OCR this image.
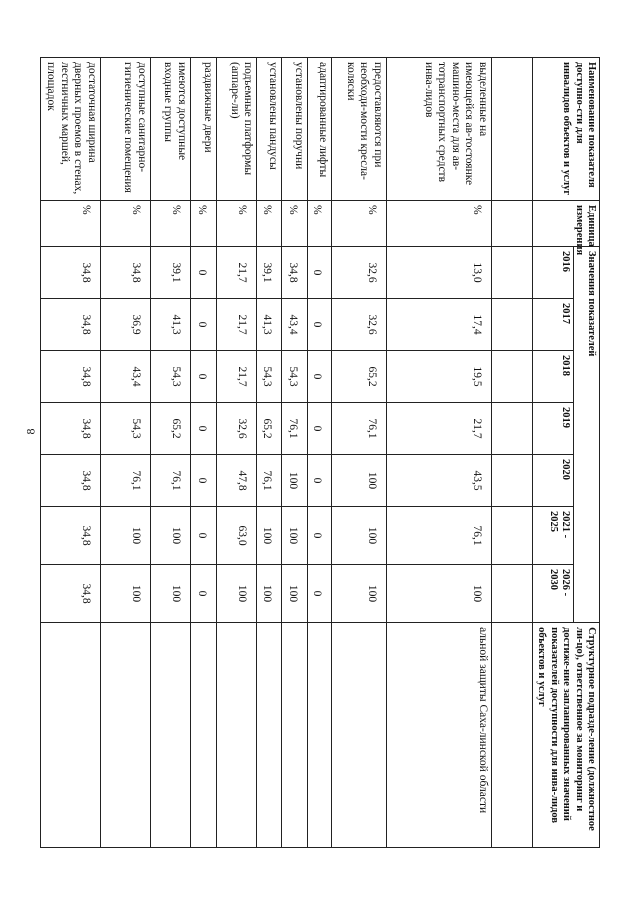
8
Наименование показателя доступно-сти для инвалидов объектов и услуг	Единица измерения	Значения показателей							Структурное подразде-ление (должностное ли-цо), ответственное за мониторинг и достиже-ние запланированных значений показателей доступности для инва-лидов объектов и услуг
		2016	2017	2018	2019	2020	2021 - 2025	2026 - 2030	

выделенные на имеющейся ав-тостоянке машино-места для ав-тотранспортных средств инва-лидов	%	13,0	17,4	19,5	21,7	43,5	76,1	100	альной защиты Саха-линской области
предоставляются при необходи-мости кресла-коляски	%	32,6	32,6	65,2	76,1	100	100	100	
адаптированные лифты	%	0	0	0	0	0	0	0	
установлены поручни	%	34,8	43,4	54,3	76,1	100	100	100	
установлены пандусы	%	39,1	41,3	54,3	65,2	76,1	100	100	
подъемные платформы (аппаре-ли)	%	21,7	21,7	21,7	32,6	47,8	63,0	100	
раздвижные двери	%	0	0	0	0	0	0	0	
имеются доступные входные группы	%	39,1	41,3	54,3	65,2	76,1	100	100	
доступные санитарно-гигиенические помещения	%	34,8	36,9	43,4	54,3	76,1	100	100	
достаточная ширина дверных проемов в стенах, лестничных маршей, площадок	%	34,8	34,8	34,8	34,8	34,8	34,8	34,8	
